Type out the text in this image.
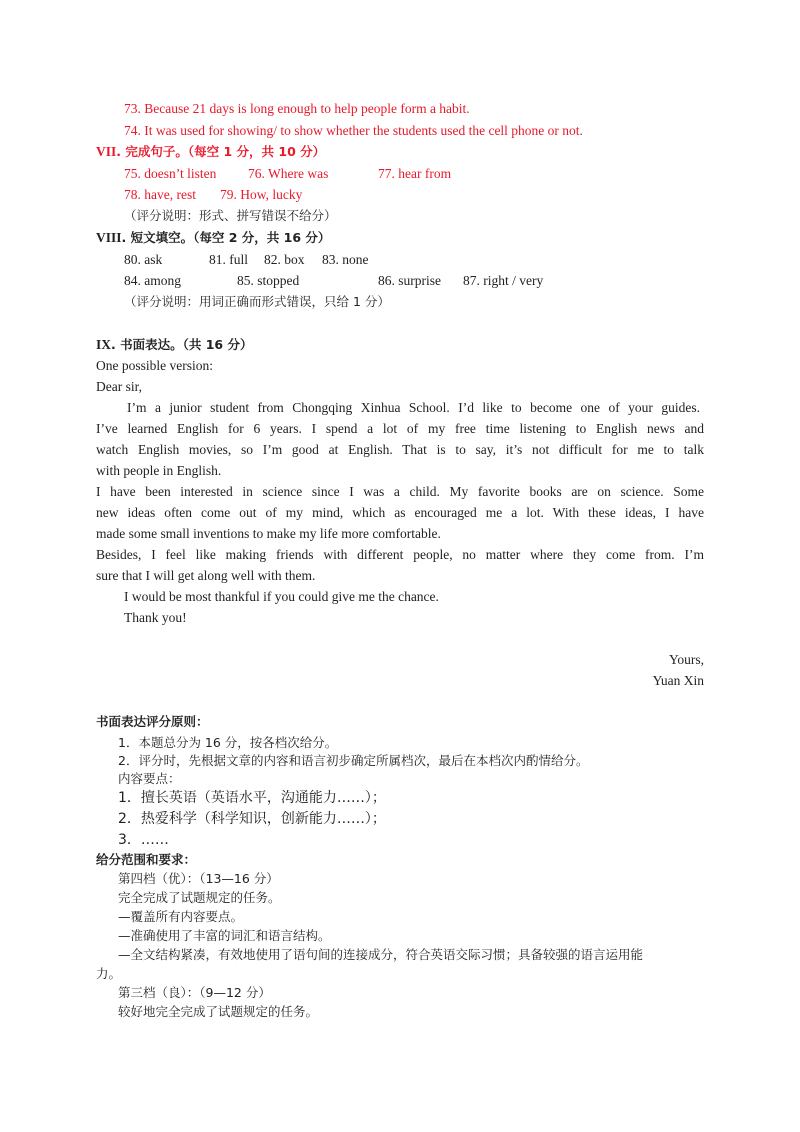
73. Because 21 days is long enough to help people form a habit.
74. It was used for showing/ to show whether the students used the cell phone or not.
VII. 完成句子。（每空 1 分，共 10 分）
75. doesn’t listen 76. Where was	77. hear from
78. have, rest 79. How, lucky
（评分说明：形式、拼写错误不给分）
VIII. 短文填空。（每空 2 分，共 16 分）
80. ask	81. full 82. box 83. none
84. among	85. stopped	86. surprise 87. right / very
（评分说明：用词正确而形式错误，只给 1 分）
IX. 书面表达。（共 16 分）
One possible version:
Dear sir,
I’m a junior student from Chongqing Xinhua School. I’d like to become one of your guides.
I’ve learned English for 6 years. I spend a lot of my free time listening to English news and
watch English movies, so I’m good at English. That is to say, it’s not difficult for me to talk
with people in English.
I have been interested in science since I was a child. My favorite books are on science. Some
new ideas often come out of my mind, which as encouraged me a lot. With these ideas, I have
made some small inventions to make my life more comfortable.
Besides, I feel like making friends with different people, no matter where they come from. I’m
sure that I will get along well with them.
I would be most thankful if you could give me the chance.
Thank you!
Yours,
Yuan Xin
书面表达评分原则：
1．本题总分为 16 分，按各档次给分。
2．评分时，先根据文章的内容和语言初步确定所属档次，最后在本档次内酌情给分。
内容要点：
1．擅长英语（英语水平，沟通能力……）；
2．热爱科学（科学知识，创新能力……）；
3．……
给分范围和要求：
第四档（优）：（13—16 分）
完全完成了试题规定的任务。
—覆盖所有内容要点。
—准确使用了丰富的词汇和语言结构。
—全文结构紧凑，有效地使用了语句间的连接成分，符合英语交际习惯；具备较强的语言运用能
力。
第三档（良）：（9—12 分）
较好地完全完成了试题规定的任务。
